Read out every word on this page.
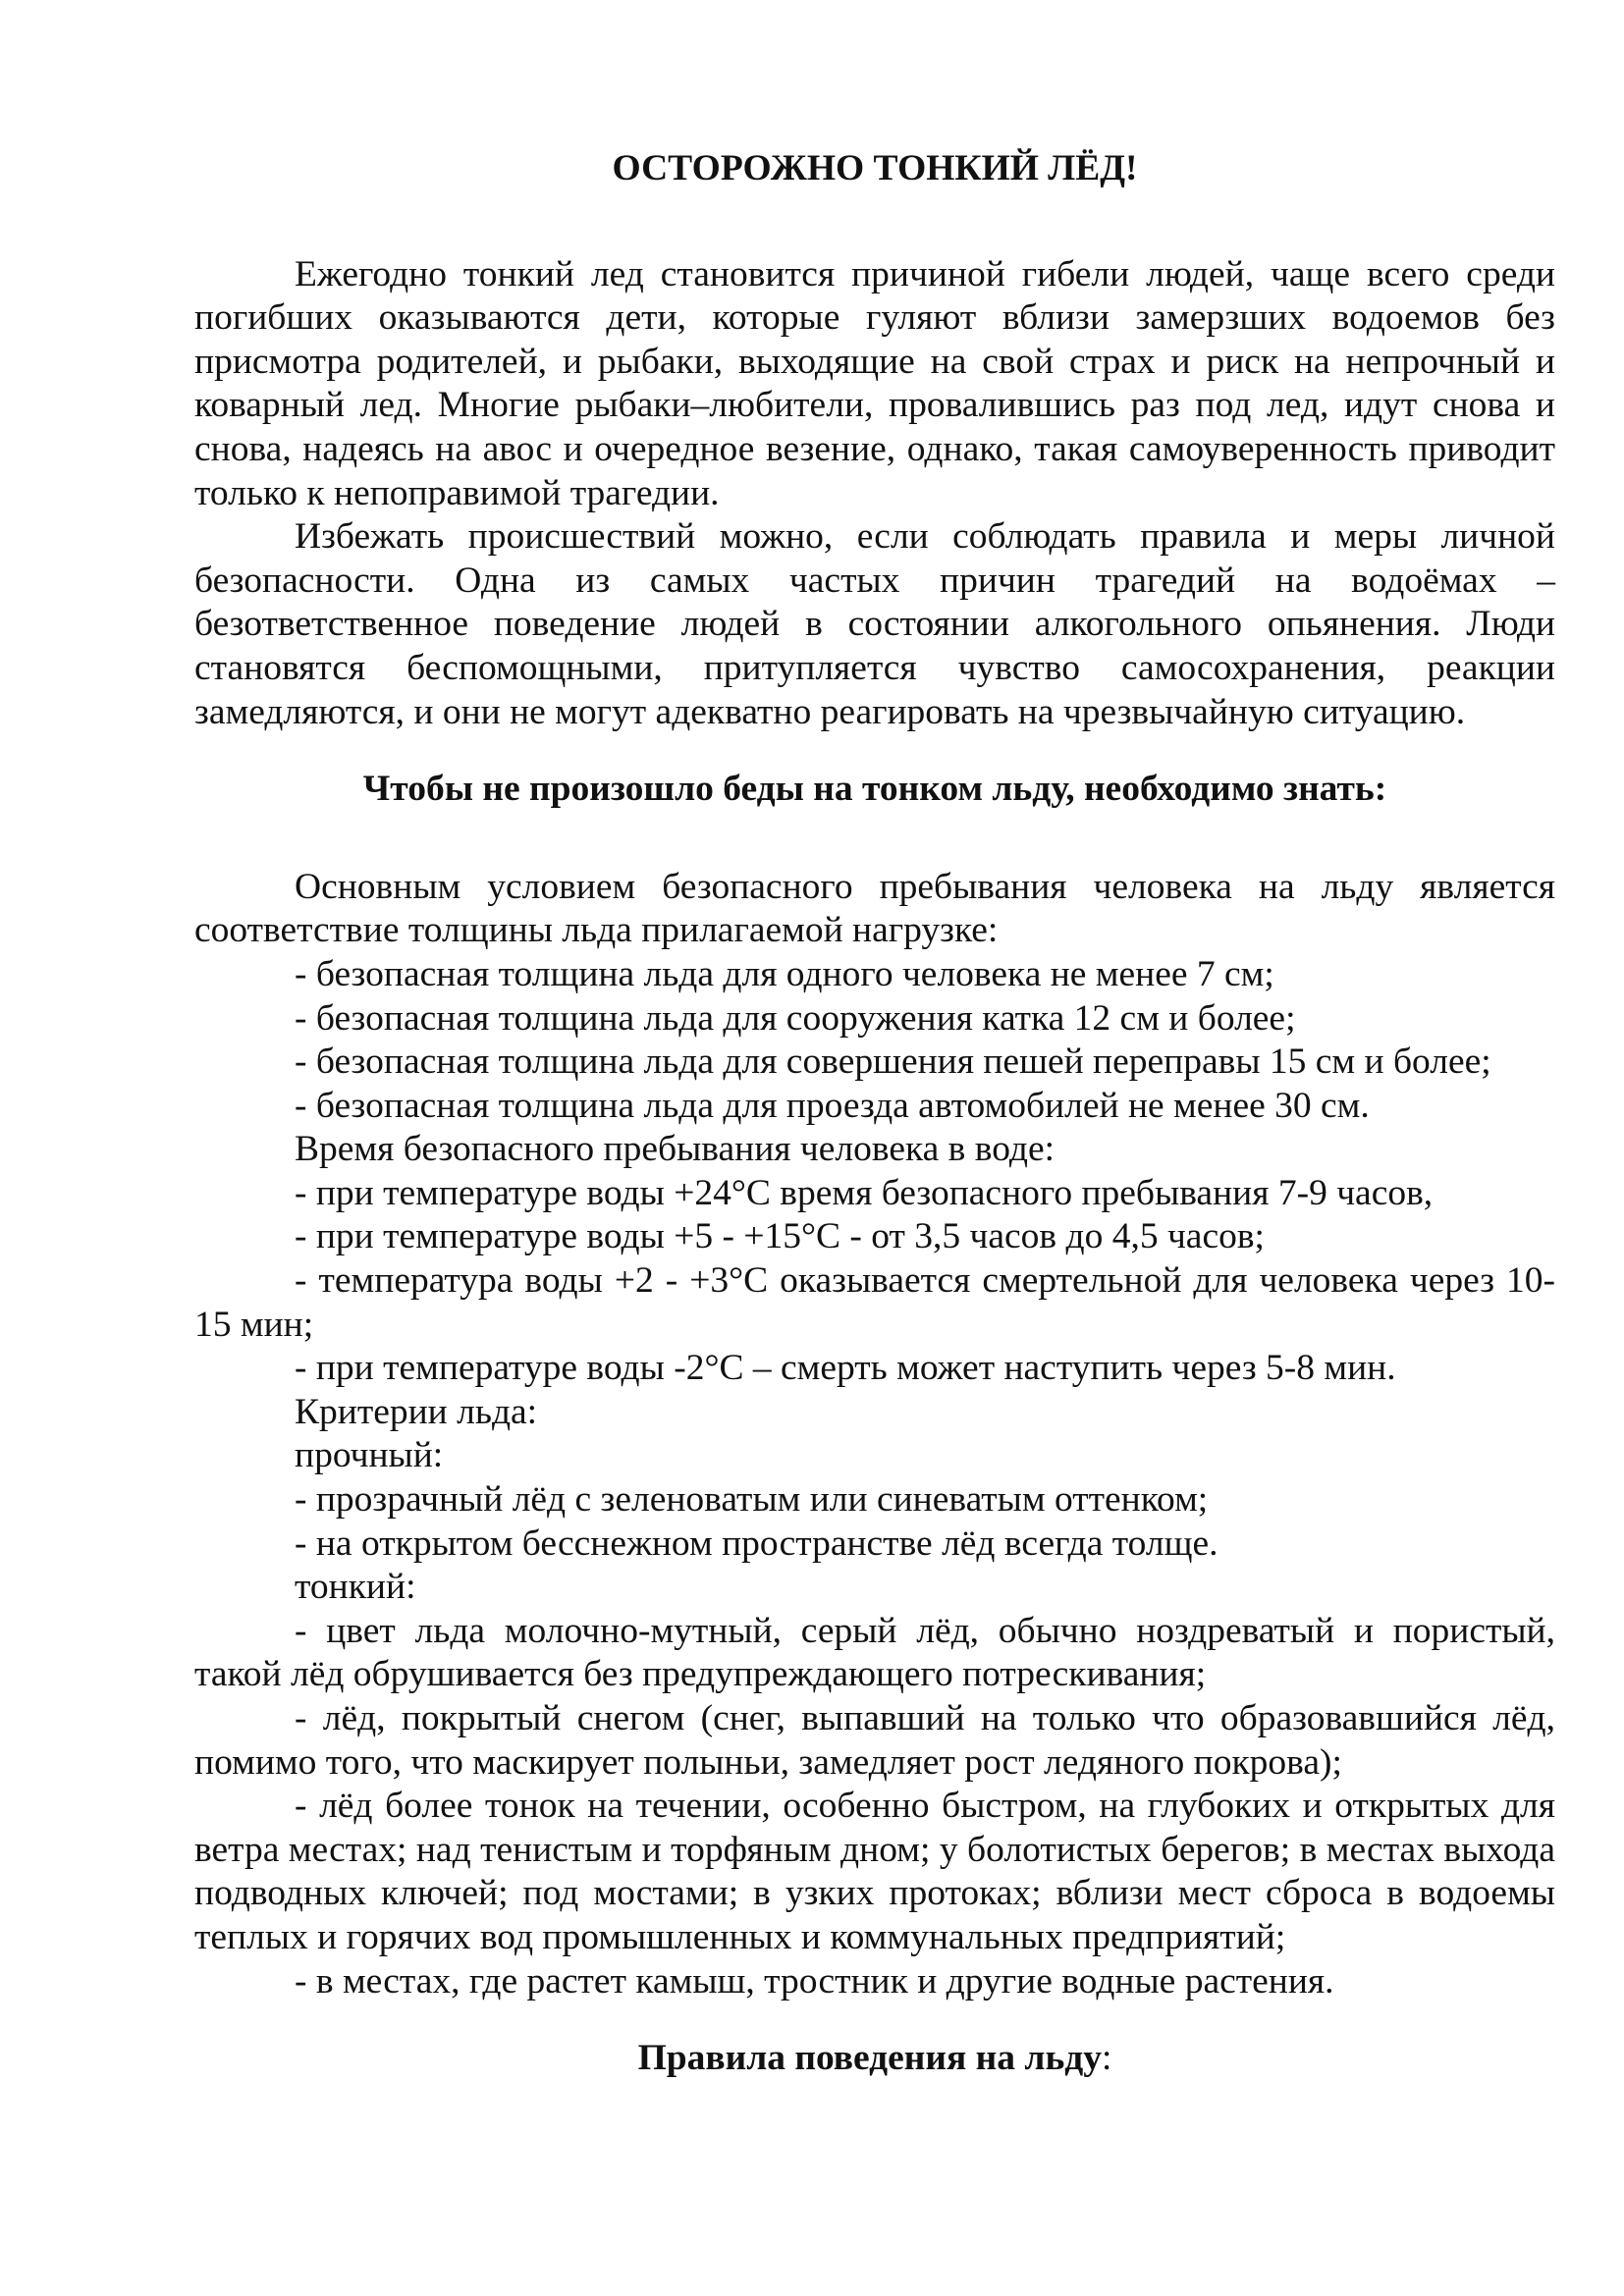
ОСТОРОЖНО ТОНКИЙ ЛЁД!

Ежегодно тонкий лед становится причиной гибели людей, чаще всего среди погибших оказываются дети, которые гуляют вблизи замерзших водоемов без присмотра родителей, и рыбаки, выходящие на свой страх и риск на непрочный и коварный лед. Многие рыбаки–любители, провалившись раз под лед, идут снова и снова, надеясь на авос и очередное везение, однако, такая самоуверенность приводит только к непоправимой трагедии.

Избежать происшествий можно, если соблюдать правила и меры личной безопасности. Одна из самых частых причин трагедий на водоёмах – безответственное поведение людей в состоянии алкогольного опьянения. Люди становятся беспомощными, притупляется чувство самосохранения, реакции замедляются, и они не могут адекватно реагировать на чрезвычайную ситуацию.

Чтобы не произошло беды на тонком льду, необходимо знать:

Основным условием безопасного пребывания человека на льду является соответствие толщины льда прилагаемой нагрузке:

- безопасная толщина льда для одного человека не менее 7 см;

- безопасная толщина льда для сооружения катка 12 см и более;

- безопасная толщина льда для совершения пешей переправы 15 см и более;

- безопасная толщина льда для проезда автомобилей не менее 30 см.

Время безопасного пребывания человека в воде:

- при температуре воды +24°С время безопасного пребывания 7-9 часов,

- при температуре воды +5 - +15°С - от 3,5 часов до 4,5 часов;

- температура воды +2 - +3°С оказывается смертельной для человека через 10-15 мин;

- при температуре воды -2°С – смерть может наступить через 5-8 мин.

Критерии льда:

прочный:

- прозрачный лёд с зеленоватым или синеватым оттенком;

- на открытом бесснежном пространстве лёд всегда толще.

тонкий:

- цвет льда молочно-мутный, серый лёд, обычно ноздреватый и пористый, такой лёд обрушивается без предупреждающего потрескивания;

- лёд, покрытый снегом (снег, выпавший на только что образовавшийся лёд, помимо того, что маскирует полыньи, замедляет рост ледяного покрова);

- лёд более тонок на течении, особенно быстром, на глубоких и открытых для ветра местах; над тенистым и торфяным дном; у болотистых берегов; в местах выхода подводных ключей; под мостами; в узких протоках; вблизи мест сброса в водоемы теплых и горячих вод промышленных и коммунальных предприятий;

- в местах, где растет камыш, тростник и другие водные растения.

Правила поведения на льду:
